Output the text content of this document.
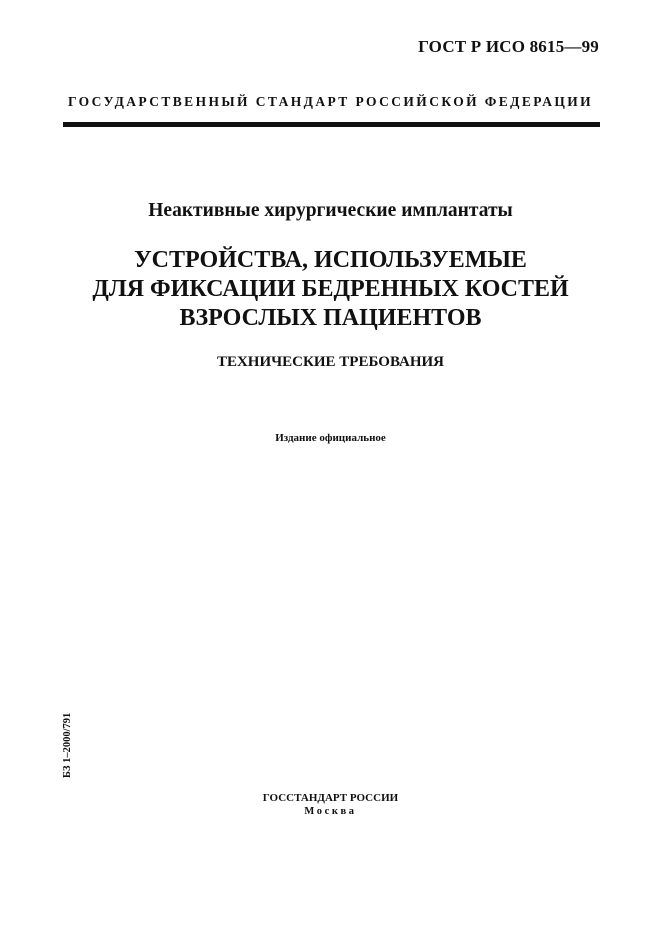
ГОСТ Р ИСО 8615—99
ГОСУДАРСТВЕННЫЙ СТАНДАРТ РОССИЙСКОЙ ФЕДЕРАЦИИ
Неактивные хирургические имплантаты
УСТРОЙСТВА, ИСПОЛЬЗУЕМЫЕ
ДЛЯ ФИКСАЦИИ БЕДРЕННЫХ КОСТЕЙ
ВЗРОСЛЫХ ПАЦИЕНТОВ
ТЕХНИЧЕСКИЕ ТРЕБОВАНИЯ
Издание официальное
БЗ 1–2000/791
ГОССТАНДАРТ РОССИИ
Москва
